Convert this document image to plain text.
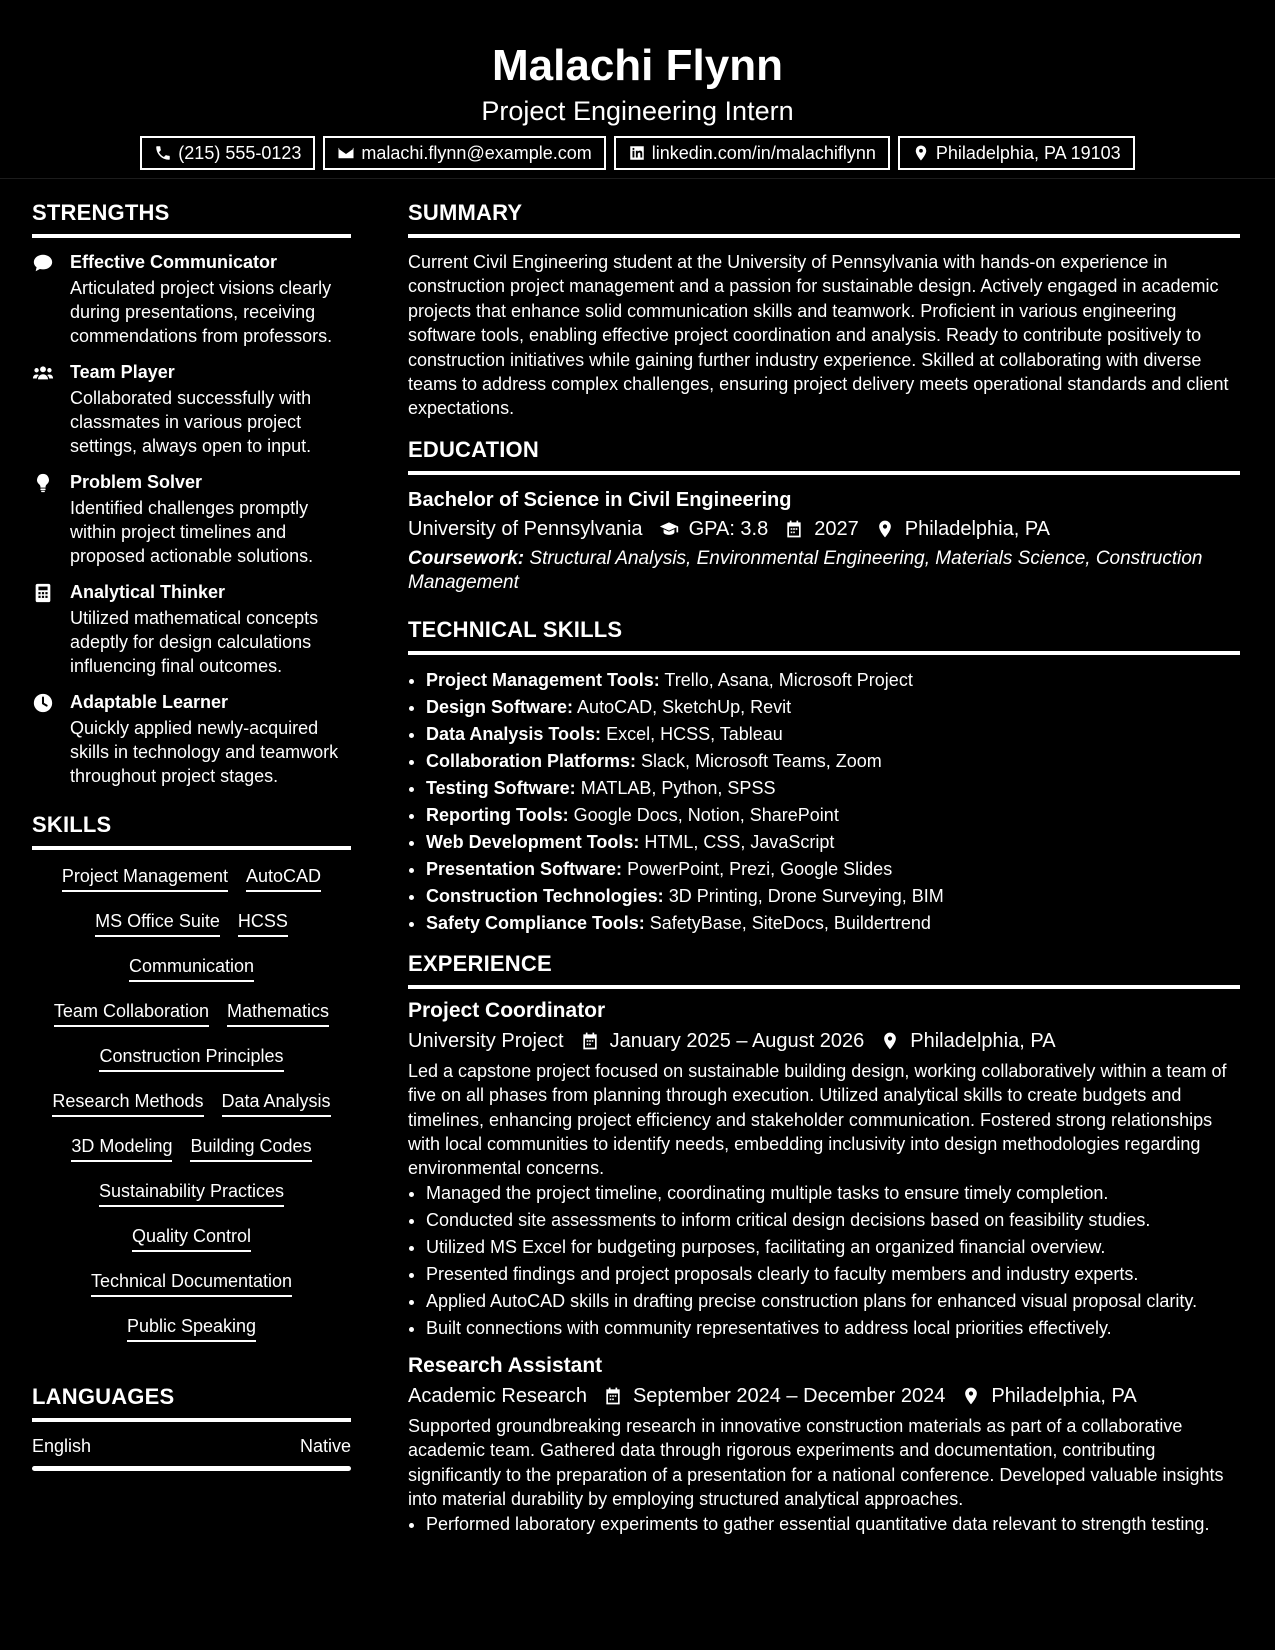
Malachi Flynn
Project Engineering Intern
(215) 555-0123	malachi.flynn@example.com	linkedin.com/in/malachiflynn	Philadelphia, PA 19103
STRENGTHS
Effective Communicator

Articulated project visions clearly during presentations, receiving commendations from professors.

Team Player

Collaborated successfully with classmates in various project settings, always open to input.

Problem Solver

Identified challenges promptly within project timelines and proposed actionable solutions.

Analytical Thinker

Utilized mathematical concepts adeptly for design calculations influencing final outcomes.

Adaptable Learner

Quickly applied newly-acquired skills in technology and teamwork throughout project stages.

SKILLS
Project Management AutoCAD
MS Office Suite HCSS
Communication
Team Collaboration Mathematics
Construction Principles
Research Methods Data Analysis
3D Modeling Building Codes
Sustainability Practices
Quality Control
Technical Documentation
Public Speaking
LANGUAGES
English	Native
SUMMARY

Current Civil Engineering student at the University of Pennsylvania with hands-on experience in construction project management and a passion for sustainable design. Actively engaged in academic projects that enhance solid communication skills and teamwork. Proficient in various engineering software tools, enabling effective project coordination and analysis. Ready to contribute positively to construction initiatives while gaining further industry experience. Skilled at collaborating with diverse teams to address complex challenges, ensuring project delivery meets operational standards and client expectations.

EDUCATION
Bachelor of Science in Civil Engineering
University of Pennsylvania GPA: 3.8 2027 Philadelphia, PA
Coursework: Structural Analysis, Environmental Engineering, Materials Science, Construction Management
TECHNICAL SKILLS
• Project Management Tools: Trello, Asana, Microsoft Project
• Design Software: AutoCAD, SketchUp, Revit
• Data Analysis Tools: Excel, HCSS, Tableau
• Collaboration Platforms: Slack, Microsoft Teams, Zoom
• Testing Software: MATLAB, Python, SPSS
• Reporting Tools: Google Docs, Notion, SharePoint
• Web Development Tools: HTML, CSS, JavaScript
• Presentation Software: PowerPoint, Prezi, Google Slides
• Construction Technologies: 3D Printing, Drone Surveying, BIM
• Safety Compliance Tools: SafetyBase, SiteDocs, Buildertrend
EXPERIENCE
Project Coordinator
University Project January 2025 – August 2026 Philadelphia, PA

Led a capstone project focused on sustainable building design, working collaboratively within a team of five on all phases from planning through execution. Utilized analytical skills to create budgets and timelines, enhancing project efficiency and stakeholder communication. Fostered strong relationships with local communities to identify needs, embedding inclusivity into design methodologies regarding environmental concerns.

• Managed the project timeline, coordinating multiple tasks to ensure timely completion.
• Conducted site assessments to inform critical design decisions based on feasibility studies.
• Utilized MS Excel for budgeting purposes, facilitating an organized financial overview.
• Presented findings and project proposals clearly to faculty members and industry experts.
• Applied AutoCAD skills in drafting precise construction plans for enhanced visual proposal clarity.
• Built connections with community representatives to address local priorities effectively.
Research Assistant
Academic Research September 2024 – December 2024 Philadelphia, PA

Supported groundbreaking research in innovative construction materials as part of a collaborative academic team. Gathered data through rigorous experiments and documentation, contributing significantly to the preparation of a presentation for a national conference. Developed valuable insights into material durability by employing structured analytical approaches.

• Performed laboratory experiments to gather essential quantitative data relevant to strength testing.
